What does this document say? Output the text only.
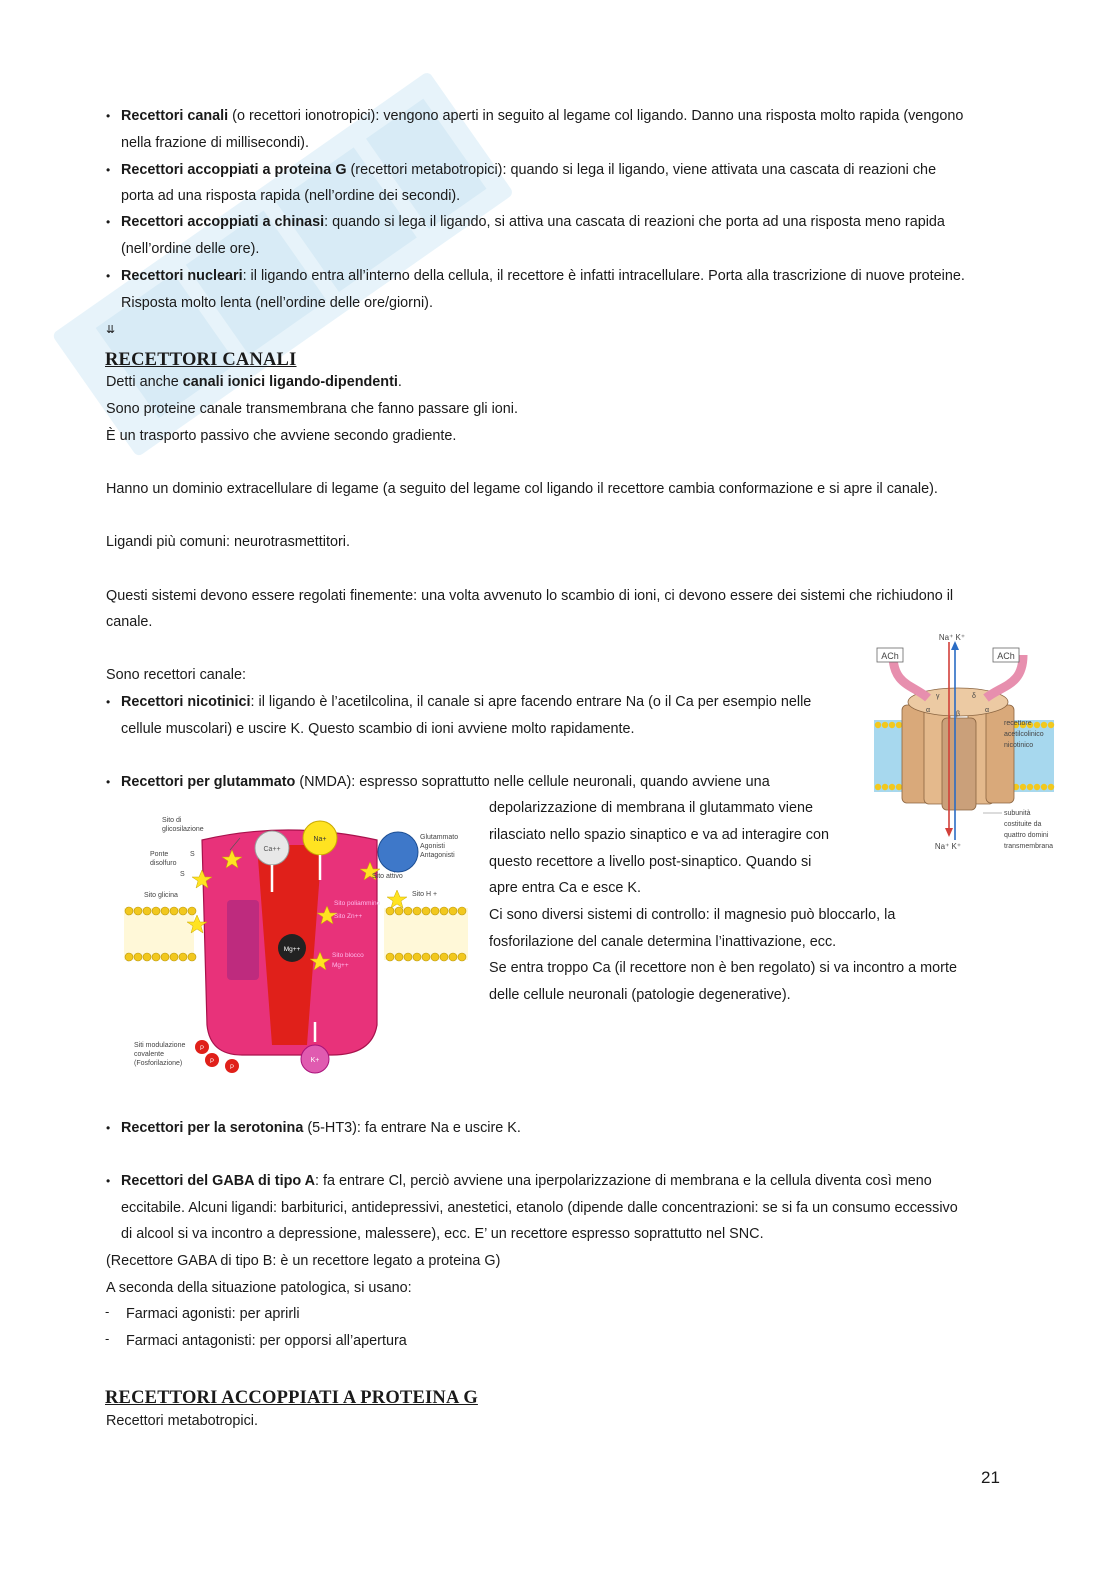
• Recettori canali (o recettori ionotropici): vengono aperti in seguito al legame col ligando. Danno una risposta molto rapida (vengono
nella frazione di millisecondi).
• Recettori accoppiati a proteina G (recettori metabotropici): quando si lega il ligando, viene attivata una cascata di reazioni che
porta ad una risposta rapida (nell’ordine dei secondi).
• Recettori accoppiati a chinasi: quando si lega il ligando, si attiva una cascata di reazioni che porta ad una risposta meno rapida
(nell’ordine delle ore).
• Recettori nucleari: il ligando entra all’interno della cellula, il recettore è infatti intracellulare. Porta alla trascrizione di nuove proteine.
Risposta molto lenta (nell’ordine delle ore/giorni).
⇊
RECETTORI CANALI
Detti anche canali ionici ligando-dipendenti.
Sono proteine canale transmembrana che fanno passare gli ioni.
È un trasporto passivo che avviene secondo gradiente.
Hanno un dominio extracellulare di legame (a seguito del legame col ligando il recettore cambia conformazione e si apre il canale).
Ligandi più comuni: neurotrasmettitori.
Questi sistemi devono essere regolati finemente: una volta avvenuto lo scambio di ioni, ci devono essere dei sistemi che richiudono il
canale.
Sono recettori canale:
• Recettori nicotinici: il ligando è l’acetilcolina, il canale si apre facendo entrare Na (o il Ca per esempio nelle
cellule muscolari) e uscire K. Questo scambio di ioni avviene molto rapidamente.
• Recettori per glutammato (NMDA): espresso soprattutto nelle cellule neuronali, quando avviene una
depolarizzazione di membrana il glutammato viene
rilasciato nello spazio sinaptico e va ad interagire con
questo recettore a livello post-sinaptico. Quando si
apre entra Ca e esce K.
Ci sono diversi sistemi di controllo: il magnesio può bloccarlo, la
fosforilazione del canale determina l’inattivazione, ecc.
Se entra troppo Ca (il recettore non è ben regolato) si va incontro a morte
delle cellule neuronali (patologie degenerative).
• Recettori per la serotonina (5-HT3): fa entrare Na e uscire K.
• Recettori del GABA di tipo A: fa entrare Cl, perciò avviene una iperpolarizzazione di membrana e la cellula diventa così meno
eccitabile. Alcuni ligandi: barbiturici, antidepressivi, anestetici, etanolo (dipende dalle concentrazioni: se si fa un consumo eccessivo
di alcool si va incontro a depressione, malessere), ecc. E’ un recettore espresso soprattutto nel SNC.
(Recettore GABA di tipo B: è un recettore legato a proteina G)
A seconda della situazione patologica, si usano:
-	Farmaci agonisti: per aprirli
-	Farmaci antagonisti: per opporsi all’apertura
RECETTORI ACCOPPIATI A PROTEINA G
Recettori metabotropici.
21
ACh	ACh
Na⁺ K⁺
Na⁺ K⁺
γ	δ
α
β
α
recettore
acetilcolinico
nicotinico
subunità
costituite da
quattro domini
transmembrana
Sito di
glicosilazione
Ponte
disolfuro
S
S
Sito glicina
Glutammato
Agonisti
Antagonisti
Sito attivo
Sito H +
Sito poliammine
Sito Zn++
Sito blocco
Mg++
Siti modulazione
covalente
(Fosforilazione)
Ca++
Na+
Mg++
K+
P
P
P
